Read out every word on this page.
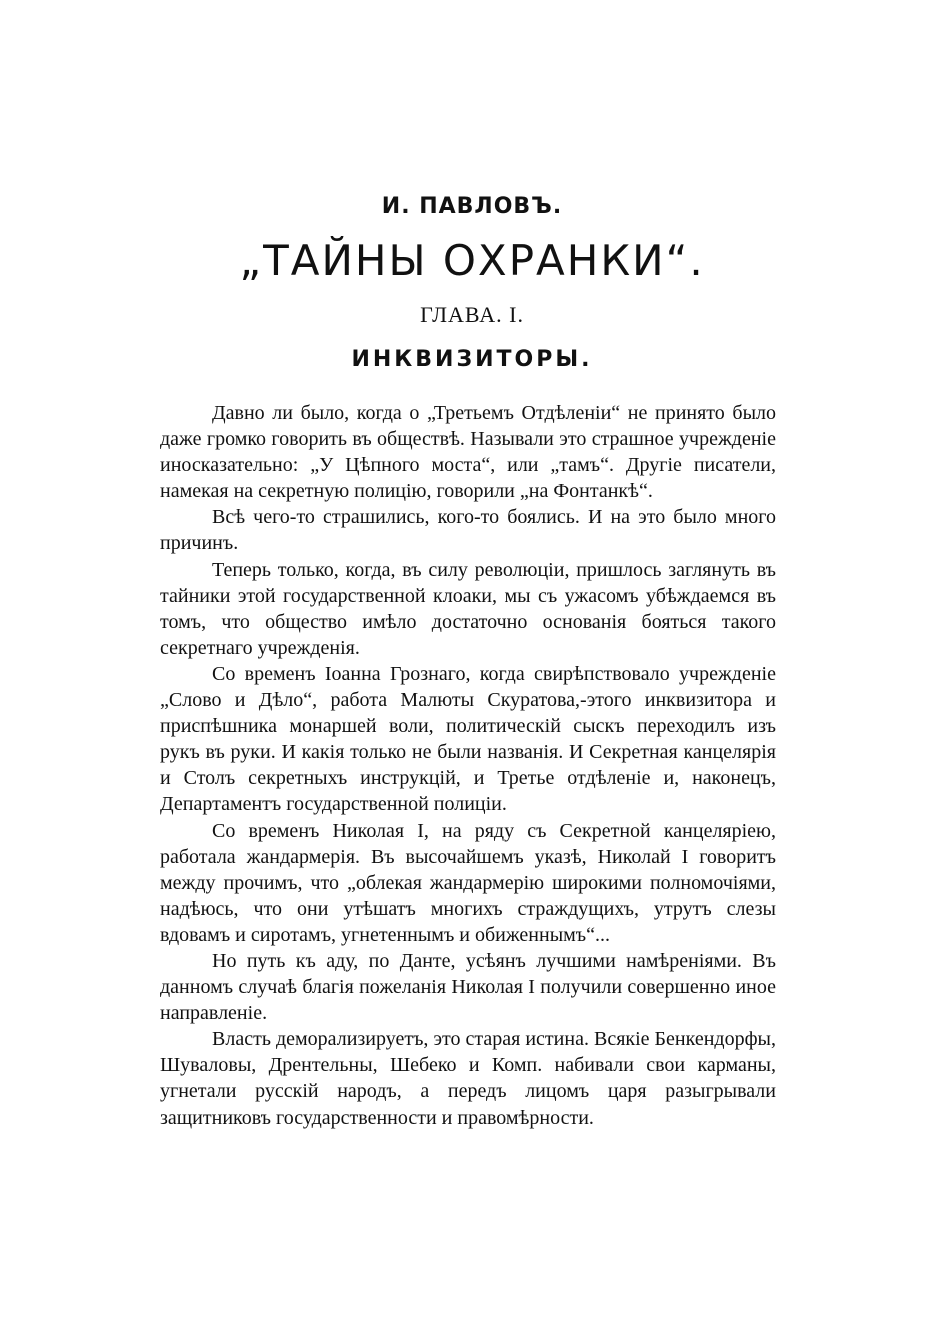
И. ПАВЛОВЪ.
„ТАЙНЫ ОХРАНКИ“.
ГЛАВА. I.
ИНКВИЗИТОРЫ.

Давно ли было, когда о „Третьемъ Отдѣленіи“ не принято было даже громко говорить въ обществѣ. Называли это страшное учрежденіе иносказательно: „У Цѣпного моста“, или „тамъ“. Другіе писатели, намекая на секретную полицію, говорили „на Фонтанкѣ“.

Всѣ чего-то страшились, кого-то боялись. И на это было много причинъ.

Теперь только, когда, въ силу революціи, пришлось заглянуть въ тайники этой государственной клоаки, мы съ ужасомъ убѣждаемся въ томъ, что общество имѣло достаточно основанія бояться такого секретнаго учрежденія.

Со временъ Іоанна Грознаго, когда свирѣпствовало учрежденіе „Слово и Дѣло“, работа Малюты Скуратова,-этого инквизитора и приспѣшника монаршей воли, политическій сыскъ переходилъ изъ рукъ въ руки. И какія только не были названія. И Секретная канцелярія и Столъ секретныхъ инструкцій, и Третье отдѣленіе и, наконецъ, Департаментъ государственной полиціи.

Со временъ Николая I, на ряду съ Секретной канцеляріею, работала жандармерія. Въ высочайшемъ указѣ, Николай I говоритъ между прочимъ, что „облекая жандармерію широкими полномочіями, надѣюсь, что они утѣшатъ многихъ страждущихъ, утрутъ слезы вдовамъ и сиротамъ, угнетеннымъ и обиженнымъ“...

Но путь къ аду, по Данте, усѣянъ лучшими намѣреніями. Въ данномъ случаѣ благія пожеланія Николая I получили совершенно иное направленіе.

Власть деморализируетъ, это старая истина. Всякіе Бенкендорфы, Шуваловы, Дрентельны, Шебеко и Комп. набивали свои карманы, угнетали русскій народъ, а передъ лицомъ царя разыгрывали защитниковъ государственности и правомѣрности.
